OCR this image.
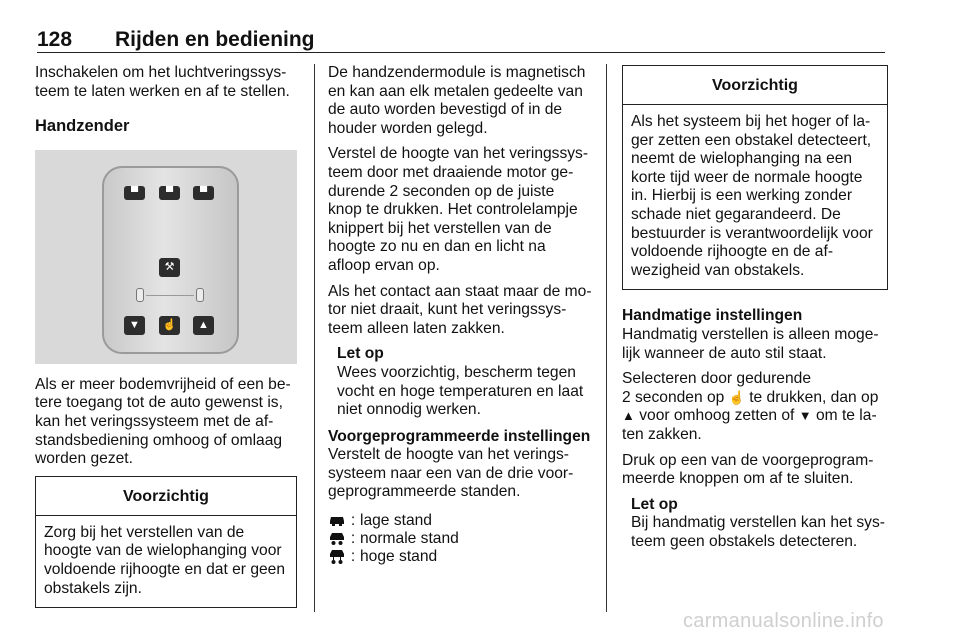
128 Rijden en bediening

Inschakelen om het luchtveringssysteem te laten werken en af te stellen.

Handzender
▀	▀	▀
⚒
▼	☝	▲

Als er meer bodemvrijheid of een betere toegang tot de auto gewenst is, kan het veringssysteem met de afstandsbediening omhoog of omlaag worden gezet.

Voorzichtig
Zorg bij het verstellen van de hoogte van de wielophanging voor voldoende rijhoogte en dat er geen obstakels zijn.

De handzendermodule is magnetisch en kan aan elk metalen gedeelte van de auto worden bevestigd of in de houder worden gelegd.

Verstel de hoogte van het veringssysteem door met draaiende motor gedurende 2 seconden op de juiste knop te drukken. Het controlelampje knippert bij het verstellen van de hoogte zo nu en dan en licht na afloop ervan op.

Als het contact aan staat maar de motor niet draait, kunt het veringssysteem alleen laten zakken.

Let op
Wees voorzichtig, bescherm tegen vocht en hoge temperaturen en laat niet onnodig werken.
Voorgeprogrammeerde instellingen

Verstelt de hoogte van het veringssysteem naar een van de drie voorgeprogrammeerde standen.

: lage stand
: normale stand
: hoge stand
Voorzichtig
Als het systeem bij het hoger of lager zetten een obstakel detecteert, neemt de wielophanging na een korte tijd weer de normale hoogte in. Hierbij is een werking zonder schade niet gegarandeerd. De bestuurder is verantwoordelijk voor voldoende rijhoogte en de afwezigheid van obstakels.
Handmatige instellingen

Handmatig verstellen is alleen mogelijk wanneer de auto stil staat.

Selecteren door gedurende
2 seconden op ☝ te drukken, dan op
▲ voor omhoog zetten of ▼ om te laten zakken.

Druk op een van de voorgeprogrammeerde knoppen om af te sluiten.

Let op
Bij handmatig verstellen kan het systeem geen obstakels detecteren.
carmanualsonline.info
